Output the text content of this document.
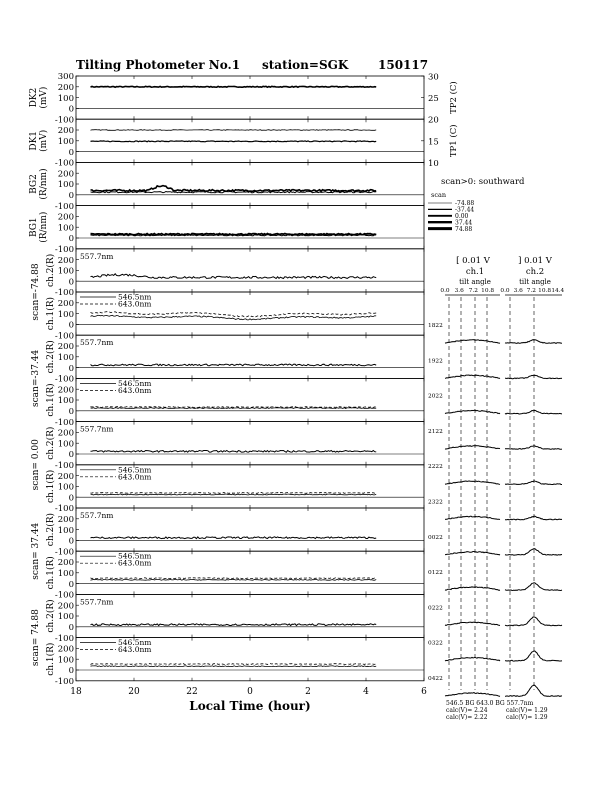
Tilting Photometer No.1 station=SGK 150117
300
200
100
0
-100
DK2(mV)
200
100
0
-100
DK1(mV)
200
100
0
-100
BG2(R/nm)
200
100
0
-100
BG1(R/nm)
200
100
0
-100
ch.2(R)	557.7nm
200
100
0
-100
ch.1(R)	546.5nm
643.0nm
200
100
0
-100
ch.2(R)	557.7nm
200
100
0
-100
ch.1(R)	546.5nm
643.0nm
200
100
0
-100
ch.2(R)	557.7nm
200
100
0
-100
ch.1(R)	546.5nm
643.0nm
200
100
0
-100
ch.2(R)	557.7nm
200
100
0
-100
ch.1(R)	546.5nm
643.0nm
200
100
0
-100
ch.2(R)	557.7nm
200
100
0
-100
ch.1(R)	546.5nm
643.0nm
scan=-74.88
scan=-37.44
scan= 0.00
scan= 37.44
scan= 74.88
18	20	22	0	2	4	6
Local Time (hour)
30
25
20
15
10
TP2 (C)
TP1 (C)
scan>0: southward
scan
-74.88
-37.44
0.00
37.44
74.88
[ 0.01 V	] 0.01 V
ch.1	ch.2
tilt angle	tilt angle
0.0 3.6 7.2 10.8 0.0 3.6 7.2 10.8 14.4
1822
1922
2022
2122
2222
2322
0022
0122
0222
0322
0422
546.5 BG 643.0 BG 557.7nm
calc(V)= 2.24
calc(V)= 2.22
calc(V)= 1.29
calc(V)= 1.29
